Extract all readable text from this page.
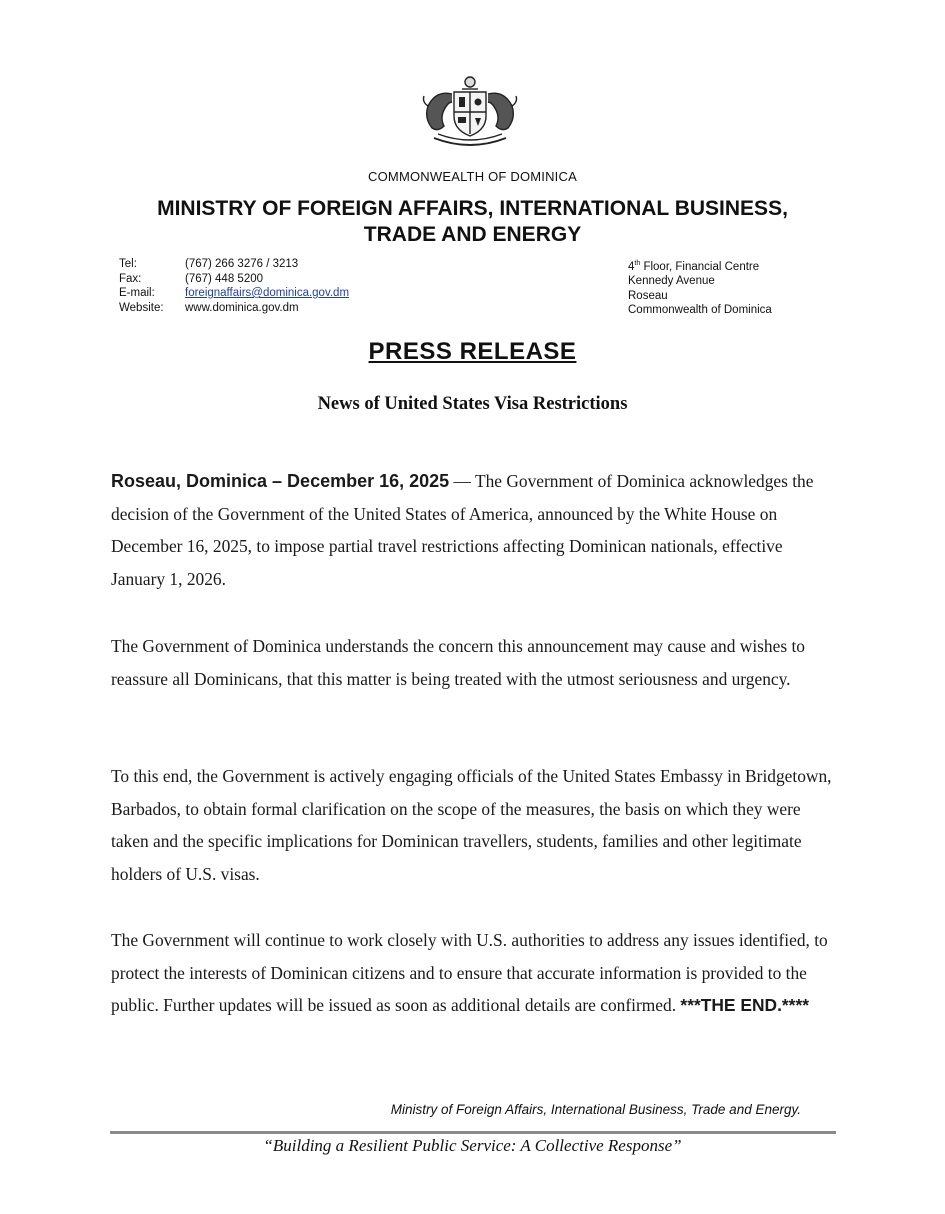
COMMONWEALTH OF DOMINICA
MINISTRY OF FOREIGN AFFAIRS, INTERNATIONAL BUSINESS,
TRADE AND ENERGY
Tel:	(767) 266 3276 / 3213
Fax:	(767) 448 5200
E-mail:	foreignaffairs@dominica.gov.dm
Website:	www.dominica.gov.dm
4th Floor, Financial Centre
Kennedy Avenue
Roseau
Commonwealth of Dominica
PRESS RELEASE
News of United States Visa Restrictions

Roseau, Dominica – December 16, 2025 — The Government of Dominica acknowledges the decision of the Government of the United States of America, announced by the White House on December 16, 2025, to impose partial travel restrictions affecting Dominican nationals, effective January 1, 2026.

The Government of Dominica understands the concern this announcement may cause and wishes to reassure all Dominicans, that this matter is being treated with the utmost seriousness and urgency.

To this end, the Government is actively engaging officials of the United States Embassy in Bridgetown, Barbados, to obtain formal clarification on the scope of the measures, the basis on which they were taken and the specific implications for Dominican travellers, students, families and other legitimate holders of U.S. visas.

The Government will continue to work closely with U.S. authorities to address any issues identified, to protect the interests of Dominican citizens and to ensure that accurate information is provided to the public. Further updates will be issued as soon as additional details are confirmed. ***THE END.****

Ministry of Foreign Affairs, International Business, Trade and Energy.
“Building a Resilient Public Service: A Collective Response”
